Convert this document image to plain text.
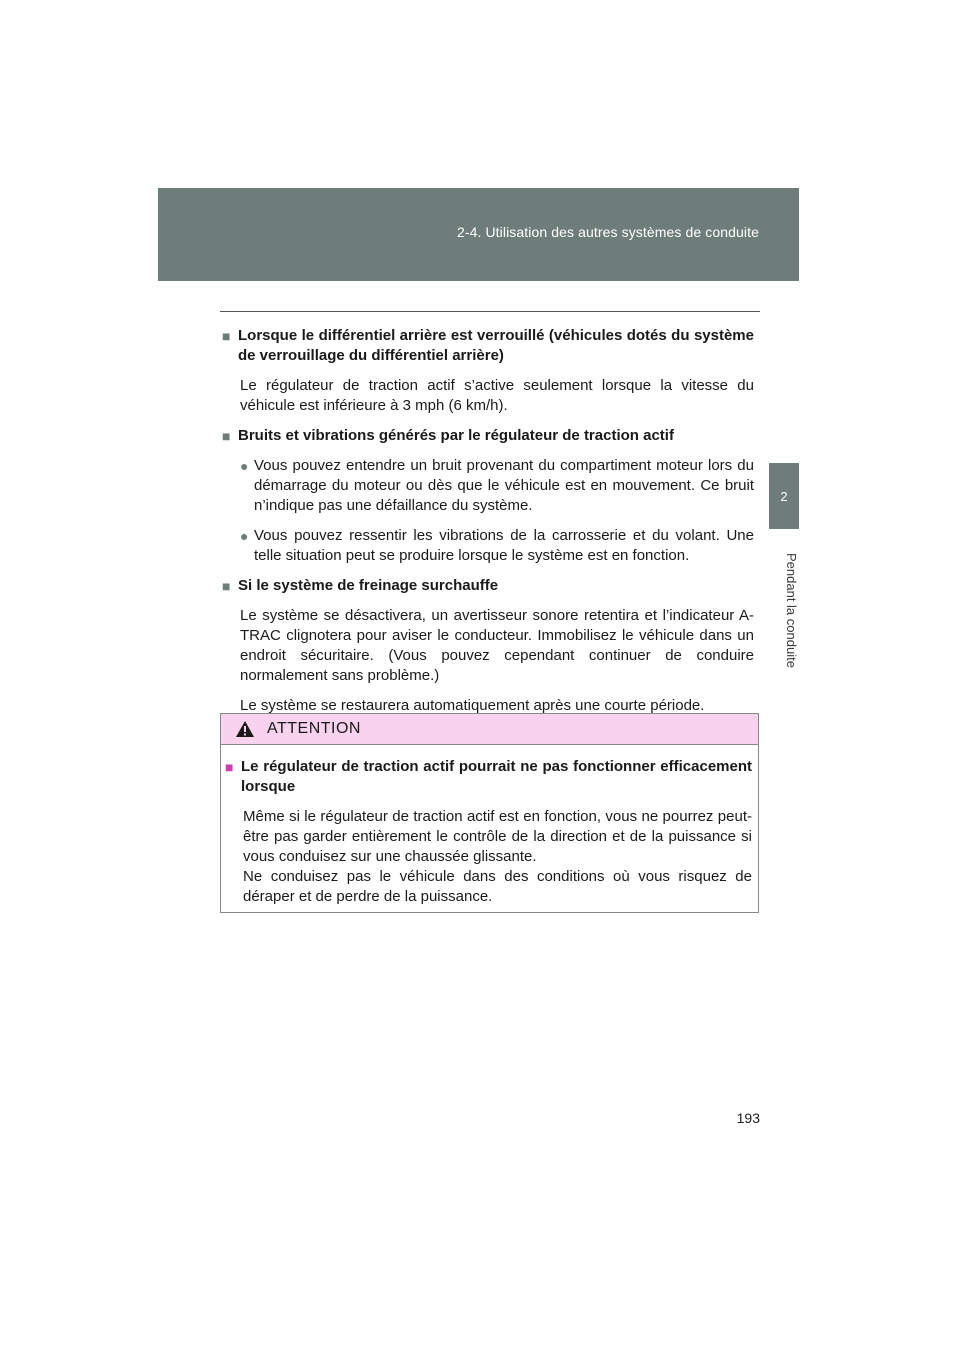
2-4. Utilisation des autres systèmes de conduite
2
Pendant la conduite
■ Lorsque le différentiel arrière est verrouillé (véhicules dotés du système de verrouillage du différentiel arrière)
Le régulateur de traction actif s’active seulement lorsque la vitesse du véhicule est inférieure à 3 mph (6 km/h).
■ Bruits et vibrations générés par le régulateur de traction actif
● Vous pouvez entendre un bruit provenant du compartiment moteur lors du démarrage du moteur ou dès que le véhicule est en mouvement. Ce bruit n’indique pas une défaillance du système.
● Vous pouvez ressentir les vibrations de la carrosserie et du volant. Une telle situation peut se produire lorsque le système est en fonction.
■ Si le système de freinage surchauffe
Le système se désactivera, un avertisseur sonore retentira et l’indicateur A-TRAC clignotera pour aviser le conducteur. Immobilisez le véhicule dans un endroit sécuritaire. (Vous pouvez cependant continuer de conduire normalement sans problème.)
Le système se restaurera automatiquement après une courte période.
ATTENTION
■ Le régulateur de traction actif pourrait ne pas fonctionner efficacement lorsque
Même si le régulateur de traction actif est en fonction, vous ne pourrez peut-être pas garder entièrement le contrôle de la direction et de la puissance si vous conduisez sur une chaussée glissante.
Ne conduisez pas le véhicule dans des conditions où vous risquez de déraper et de perdre de la puissance.
193
